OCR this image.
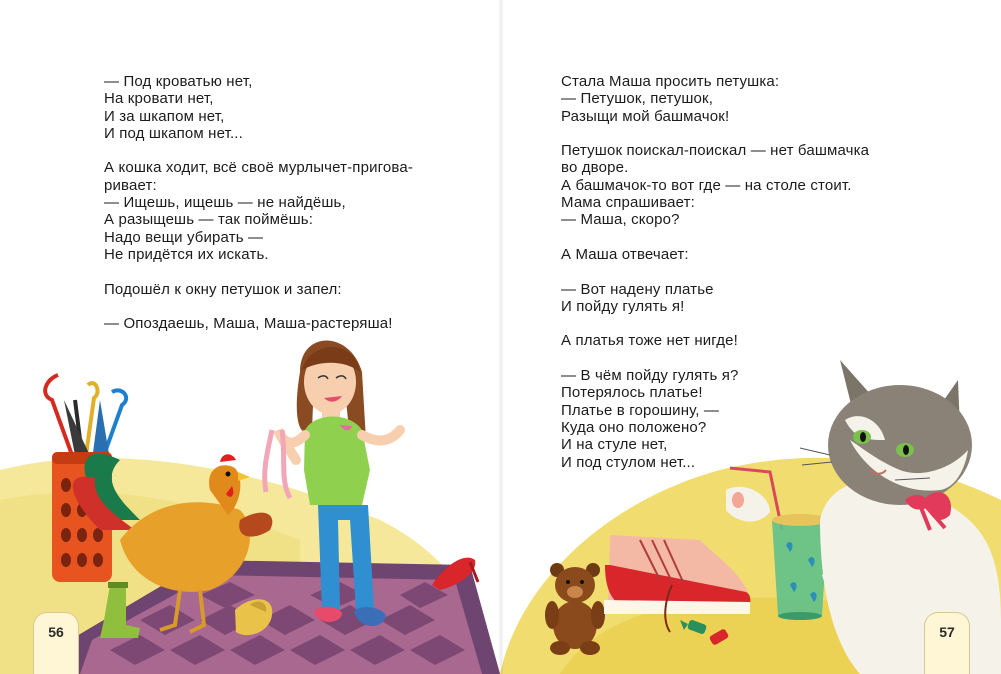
— Под кроватью нет,
На кровати нет,
И за шкапом нет,
И под шкапом нет...
А кошка ходит, всё своё мурлычет-пригова-
ривает:
— Ищешь, ищешь — не найдёшь,
А разыщешь — так поймёшь:
Надо вещи убирать —
Не придётся их искать.
Подошёл к окну петушок и запел:
— Опоздаешь, Маша, Маша-растеряша!
Стала Маша просить петушка:
— Петушок, петушок,
Разыщи мой башмачок!
Петушок поискал-поискал — нет башмачка
во дворе.
А башмачок-то вот где — на столе стоит.
Мама спрашивает:
— Маша, скоро?
А Маша отвечает:
— Вот надену платье
И пойду гулять я!
А платья тоже нет нигде!
— В чём пойду гулять я?
Потерялось платье!
Платье в горошину, —
Куда оно положено?
И на стуле нет,
И под стулом нет...
56	57
